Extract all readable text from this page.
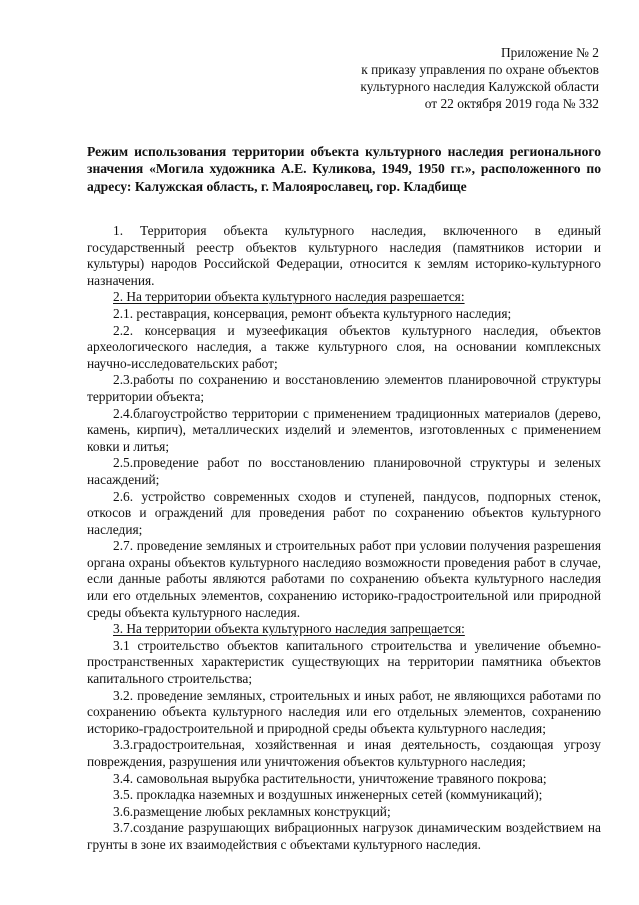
Приложение № 2
к приказу управления по охране объектов
культурного наследия Калужской области
от 22 октября 2019 года № 332
Режим использования территории объекта культурного наследия регионального значения «Могила художника А.Е. Куликова, 1949, 1950 гг.», расположенного по адресу: Калужская область, г. Малоярославец, гор. Кладбище

1. Территория объекта культурного наследия, включенного в единый государственный реестр объектов культурного наследия (памятников истории и культуры) народов Российской Федерации, относится к землям историко-культурного назначения.

2. На территории объекта культурного наследия разрешается:

2.1. реставрация, консервация, ремонт объекта культурного наследия;

2.2. консервация и музеефикация объектов культурного наследия, объектов археологического наследия, а также культурного слоя, на основании комплексных научно-исследовательских работ;

2.3.работы по сохранению и восстановлению элементов планировочной структуры территории объекта;

2.4.благоустройство территории с применением традиционных материалов (дерево, камень, кирпич), металлических изделий и элементов, изготовленных с применением ковки и литья;

2.5.проведение работ по восстановлению планировочной структуры и зеленых насаждений;

2.6. устройство современных сходов и ступеней, пандусов, подпорных стенок, откосов и ограждений для проведения работ по сохранению объектов культурного наследия;

2.7. проведение земляных и строительных работ при условии получения разрешения органа охраны объектов культурного наследияо возможности проведения работ в случае, если данные работы являются работами по сохранению объекта культурного наследия или его отдельных элементов, сохранению историко-градостроительной или природной среды объекта культурного наследия.

3. На территории объекта культурного наследия запрещается:

3.1 строительство объектов капитального строительства и увеличение объемно-пространственных характеристик существующих на территории памятника объектов капитального строительства;

3.2. проведение земляных, строительных и иных работ, не являющихся работами по сохранению объекта культурного наследия или его отдельных элементов, сохранению историко-градостроительной и природной среды объекта культурного наследия;

3.3.градостроительная, хозяйственная и иная деятельность, создающая угрозу повреждения, разрушения или уничтожения объектов культурного наследия;

3.4. самовольная вырубка растительности, уничтожение травяного покрова;

3.5. прокладка наземных и воздушных инженерных сетей (коммуникаций);

3.6.размещение любых рекламных конструкций;

3.7.создание разрушающих вибрационных нагрузок динамическим воздействием на грунты в зоне их взаимодействия с объектами культурного наследия.
